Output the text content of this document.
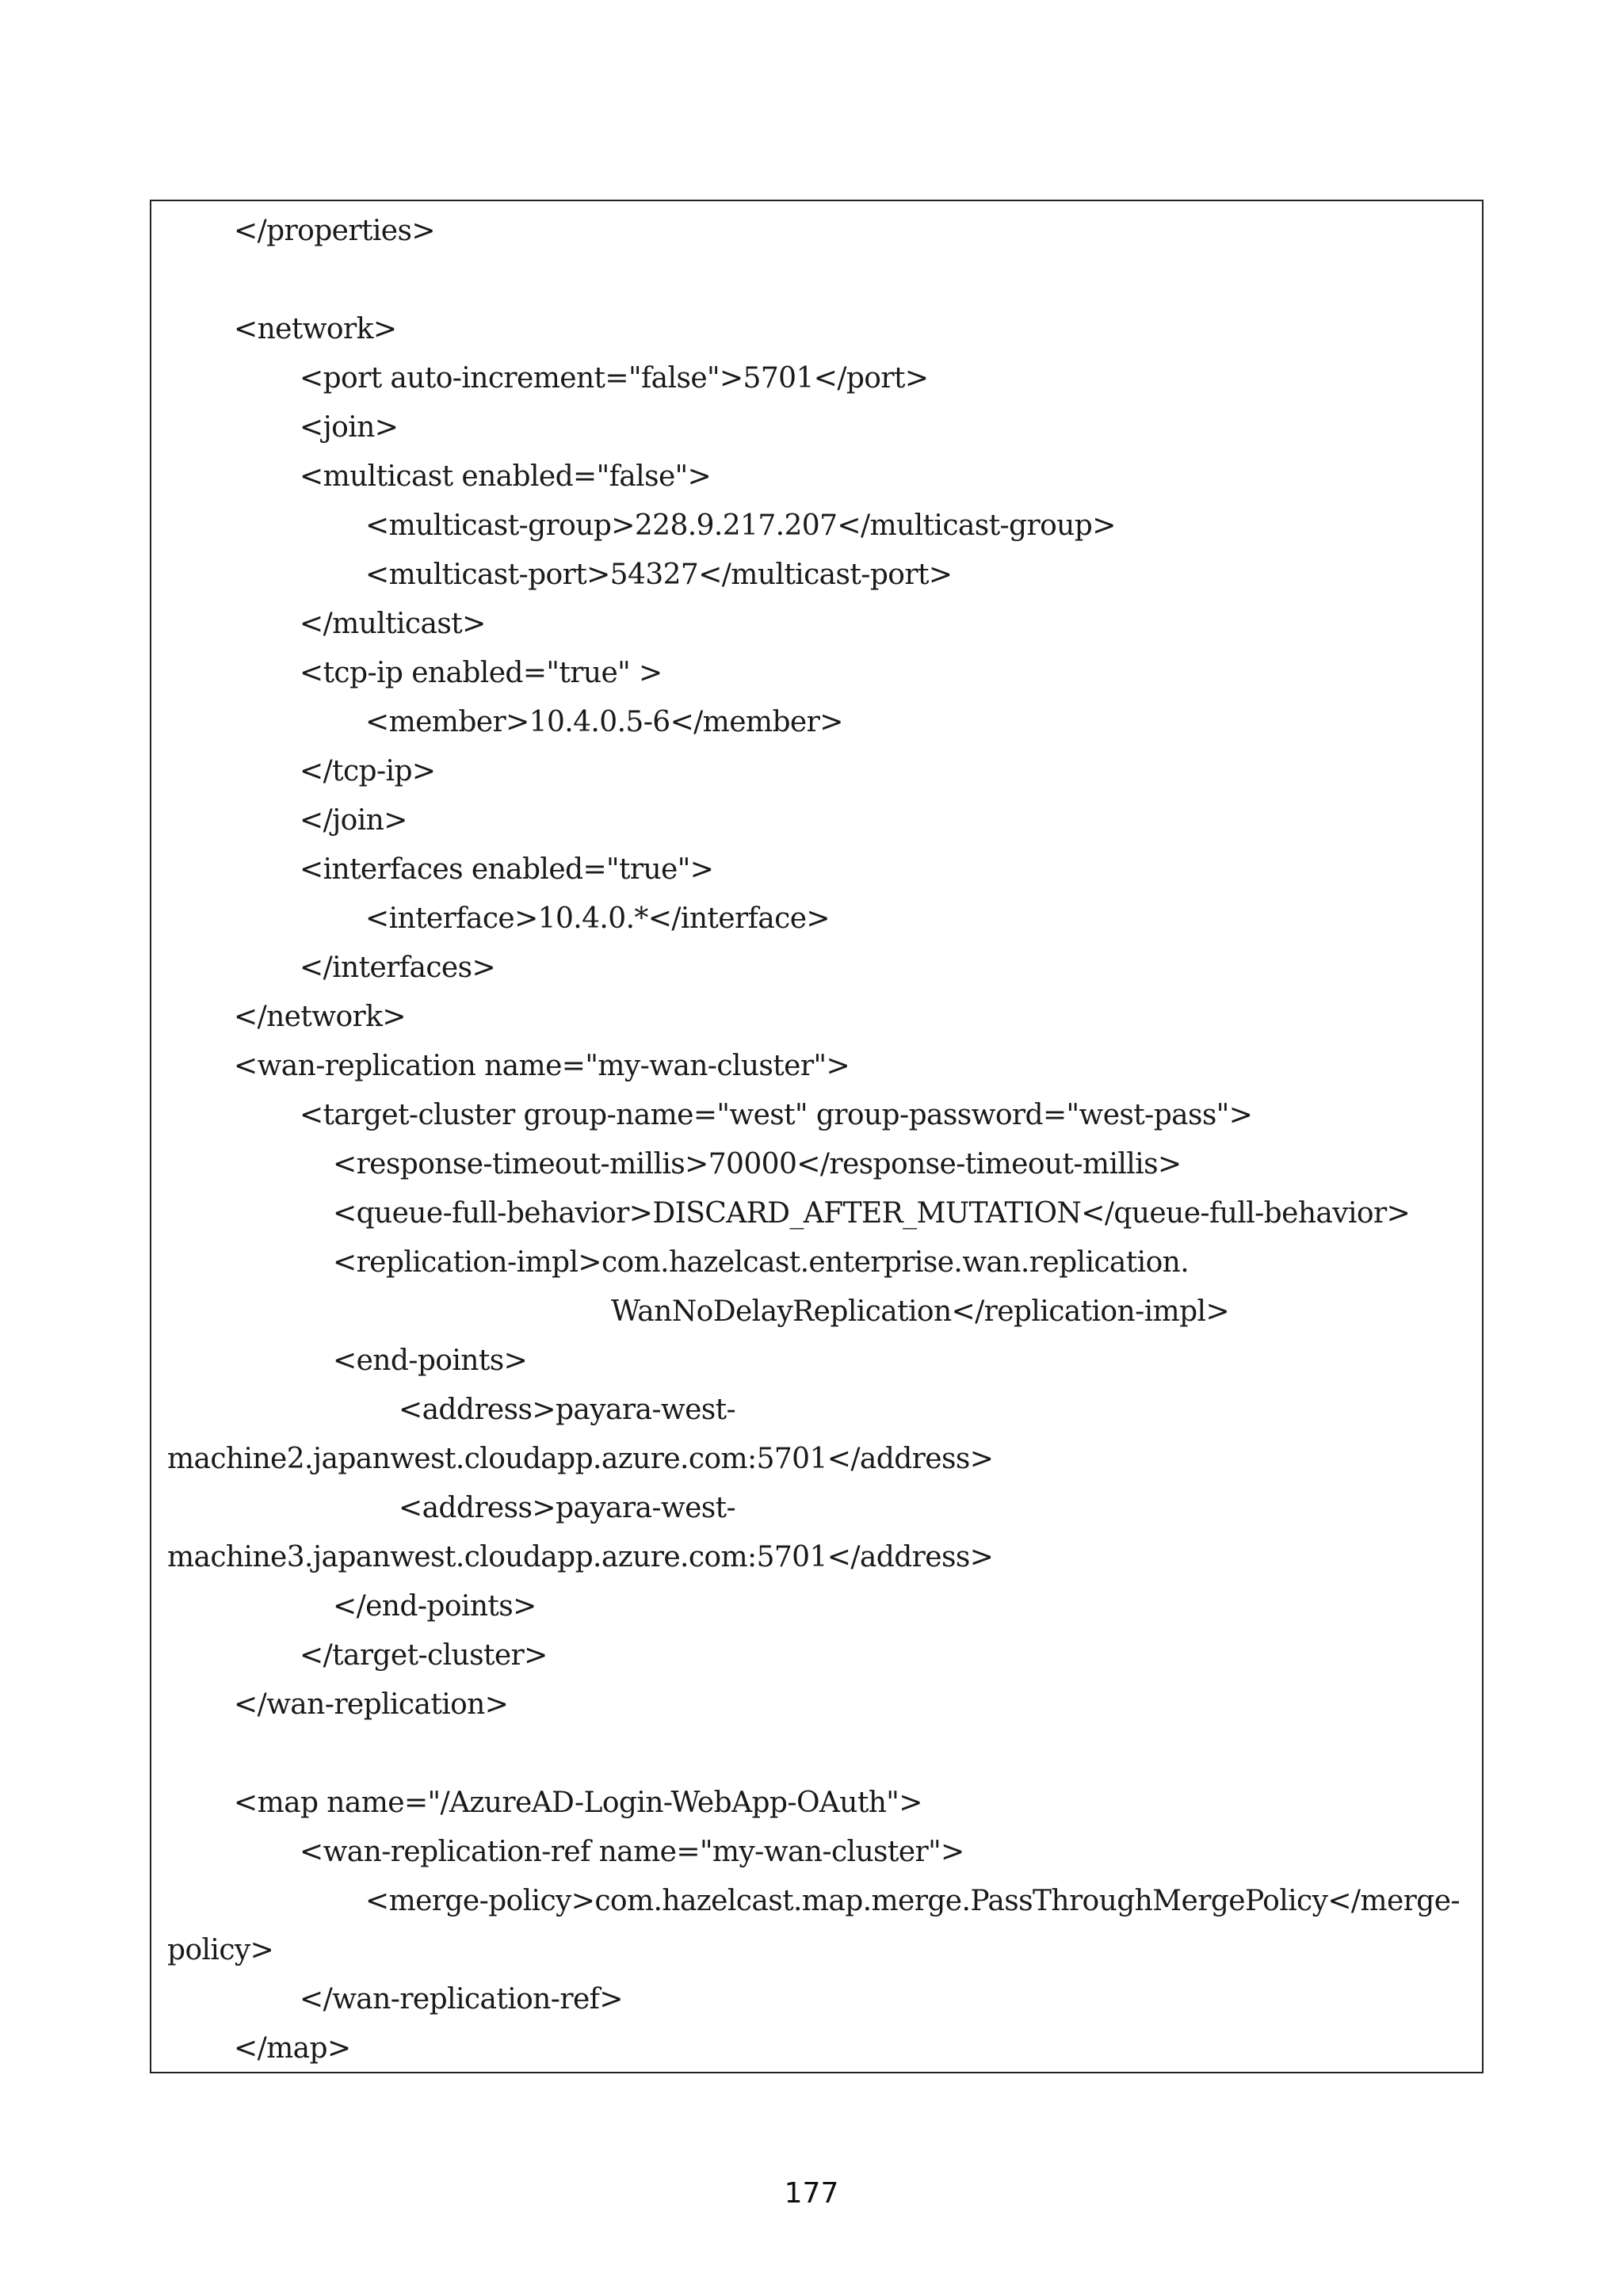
</properties>
<network>
<port auto-increment="false">5701</port>
<join>
<multicast enabled="false">
<multicast-group>228.9.217.207</multicast-group>
<multicast-port>54327</multicast-port>
</multicast>
<tcp-ip enabled="true" >
<member>10.4.0.5-6</member>
</tcp-ip>
</join>
<interfaces enabled="true">
<interface>10.4.0.*</interface>
</interfaces>
</network>
<wan-replication name="my-wan-cluster">
<target-cluster group-name="west" group-password="west-pass">
<response-timeout-millis>70000</response-timeout-millis>
<queue-full-behavior>DISCARD_AFTER_MUTATION</queue-full-behavior>
<replication-impl>com.hazelcast.enterprise.wan.replication.
WanNoDelayReplication</replication-impl>
<end-points>
<address>payara-west-
machine2.japanwest.cloudapp.azure.com:5701</address>
<address>payara-west-
machine3.japanwest.cloudapp.azure.com:5701</address>
</end-points>
</target-cluster>
</wan-replication>
<map name="/AzureAD-Login-WebApp-OAuth">
<wan-replication-ref name="my-wan-cluster">
<merge-policy>com.hazelcast.map.merge.PassThroughMergePolicy</merge-
policy>
</wan-replication-ref>
</map>
177
